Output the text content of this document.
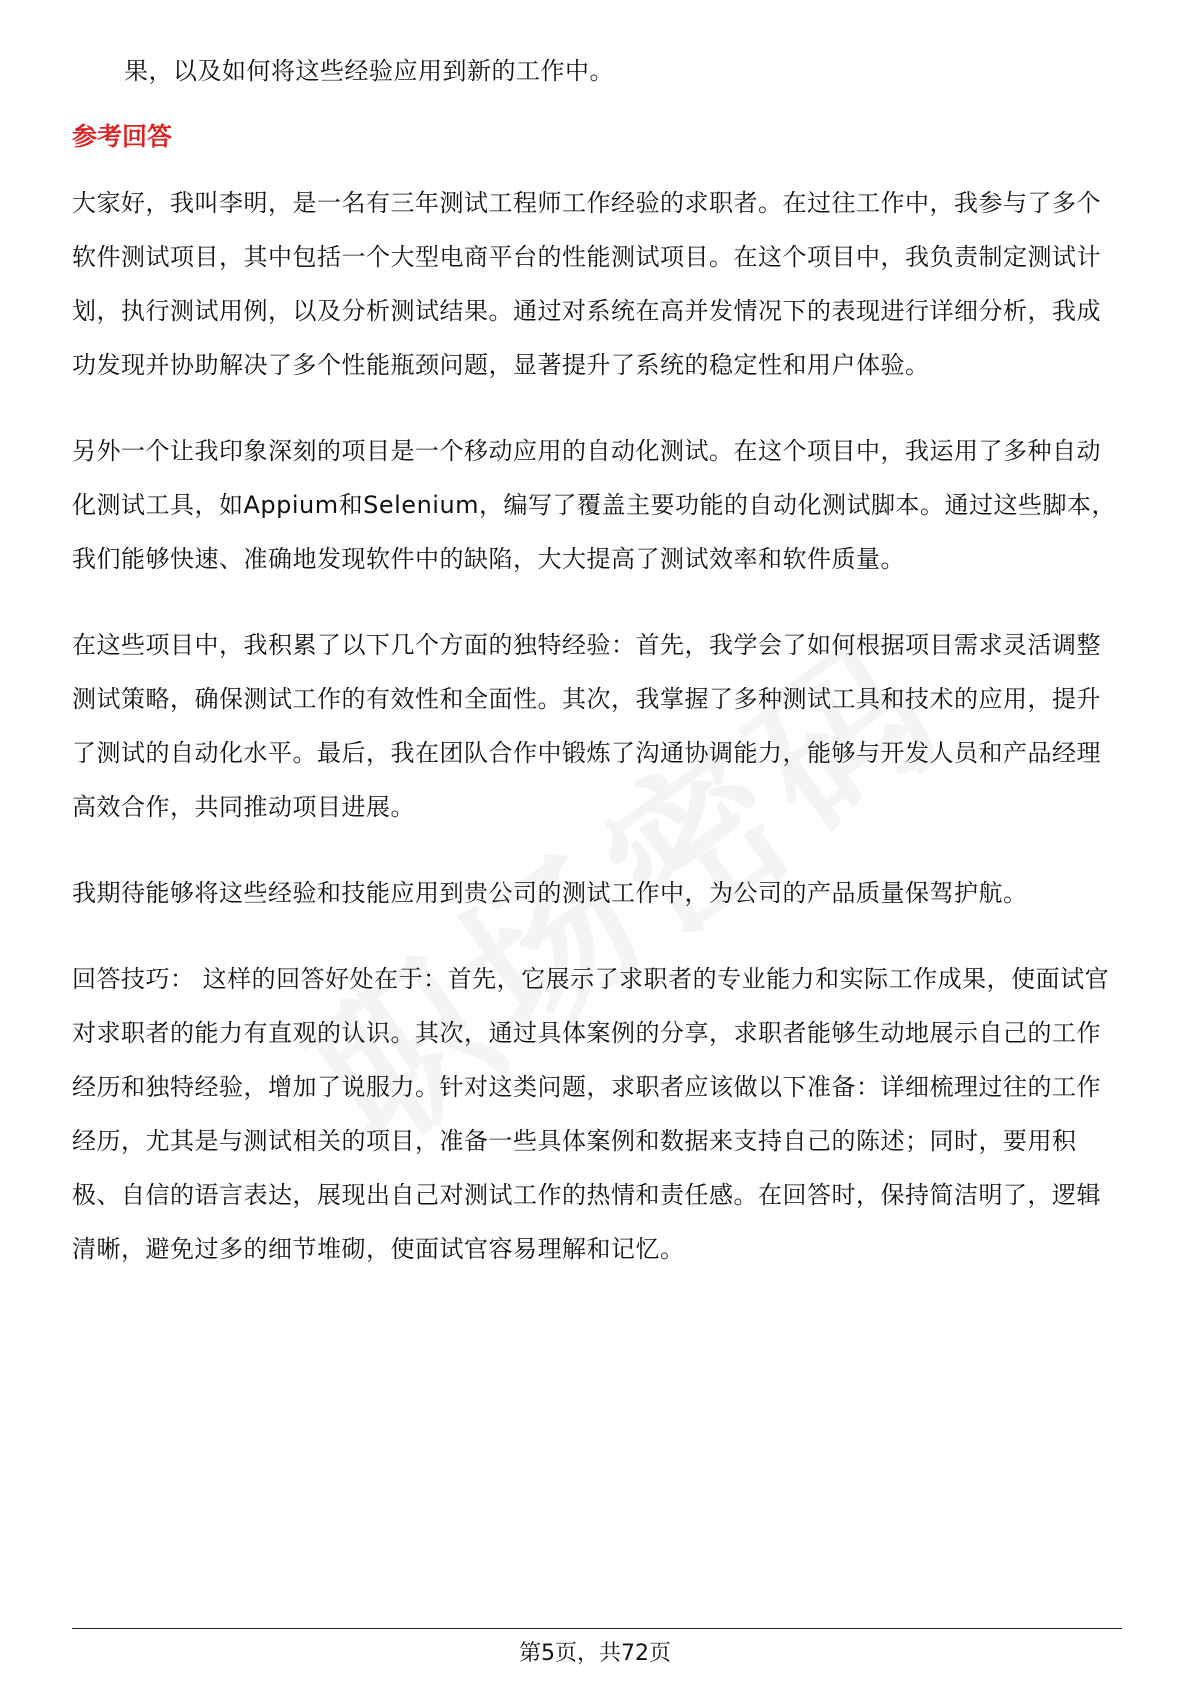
果，以及如何将这些经验应用到新的工作中。

参考回答

大家好，我叫李明，是一名有三年测试工程师工作经验的求职者。在过往工作中，我参与了多个软件测试项目，其中包括一个大型电商平台的性能测试项目。在这个项目中，我负责制定测试计划，执行测试用例，以及分析测试结果。通过对系统在高并发情况下的表现进行详细分析，我成功发现并协助解决了多个性能瓶颈问题，显著提升了系统的稳定性和用户体验。

另外一个让我印象深刻的项目是一个移动应用的自动化测试。在这个项目中，我运用了多种自动化测试工具，如Appium和Selenium，编写了覆盖主要功能的自动化测试脚本。通过这些脚本，我们能够快速、准确地发现软件中的缺陷，大大提高了测试效率和软件质量。

在这些项目中，我积累了以下几个方面的独特经验：首先，我学会了如何根据项目需求灵活调整测试策略，确保测试工作的有效性和全面性。其次，我掌握了多种测试工具和技术的应用，提升了测试的自动化水平。最后，我在团队合作中锻炼了沟通协调能力，能够与开发人员和产品经理高效合作，共同推动项目进展。

我期待能够将这些经验和技能应用到贵公司的测试工作中，为公司的产品质量保驾护航。

回答技巧： 这样的回答好处在于：首先，它展示了求职者的专业能力和实际工作成果，使面试官对求职者的能力有直观的认识。其次，通过具体案例的分享，求职者能够生动地展示自己的工作经历和独特经验，增加了说服力。针对这类问题，求职者应该做以下准备：详细梳理过往的工作经历，尤其是与测试相关的项目，准备一些具体案例和数据来支持自己的陈述；同时，要用积极、自信的语言表达，展现出自己对测试工作的热情和责任感。在回答时，保持简洁明了，逻辑清晰，避免过多的细节堆砌，使面试官容易理解和记忆。

第5页，共72页
